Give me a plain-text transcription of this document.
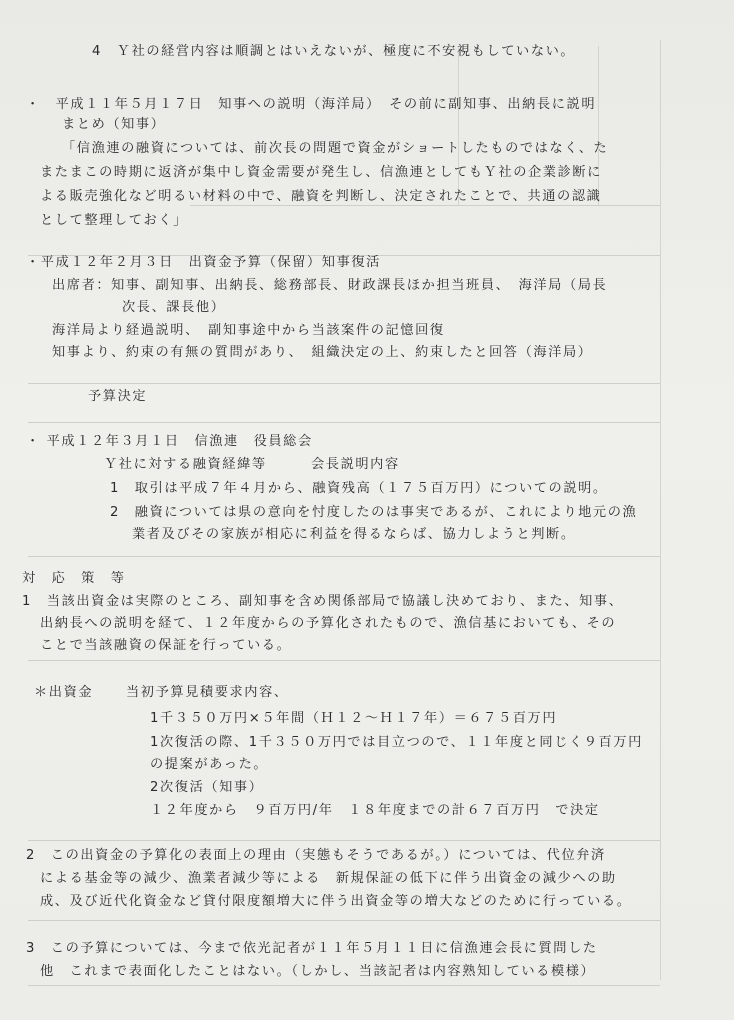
4　Ｙ社の経営内容は順調とはいえないが、極度に不安視もしていない。
・　平成１１年５月１７日　知事への説明（海洋局）　その前に副知事、出納長に説明
まとめ（知事）
「信漁連の融資については、前次長の問題で資金がショートしたものではなく、た
またまこの時期に返済が集中し資金需要が発生し、信漁連としてもＹ社の企業診断に
よる販売強化など明るい材料の中で、融資を判断し、決定されたことで、共通の認識
として整理しておく」
・平成１２年２月３日　出資金予算（保留）知事復活
出席者：知事、副知事、出納長、総務部長、財政課長ほか担当班員、　海洋局（局長
次長、課長他）
海洋局より経過説明、　副知事途中から当該案件の記憶回復
知事より、約束の有無の質問があり、　組織決定の上、約束したと回答（海洋局）
予算決定
・ 平成１２年３月１日　信漁連　役員総会
Ｙ社に対する融資経緯等　　　会長説明内容
1　取引は平成７年４月から、融資残高（１７５百万円）についての説明。
2　融資については県の意向を忖度したのは事実であるが、これにより地元の漁
業者及びその家族が相応に利益を得るならば、協力しようと判断。
対　応　策　等
1　当該出資金は実際のところ、副知事を含め関係部局で協議し決めており、また、知事、
出納長への説明を経て、１２年度からの予算化されたもので、漁信基においても、その
ことで当該融資の保証を行っている。
＊出資金 当初予算見積要求内容、
1千３５０万円×５年間（Ｈ１２～Ｈ１７年）＝６７５百万円
1次復活の際、1千３５０万円では目立つので、１１年度と同じく９百万円
の提案があった。
2次復活（知事）
１２年度から　９百万円/年　１８年度までの計６７百万円　で決定
2　この出資金の予算化の表面上の理由（実態もそうであるが。）については、代位弁済
による基金等の減少、漁業者減少等による　新規保証の低下に伴う出資金の減少への助
成、及び近代化資金など貸付限度額増大に伴う出資金等の増大などのために行っている。
3　この予算については、今まで依光記者が１１年５月１１日に信漁連会長に質問した
他　これまで表面化したことはない。（しかし、当該記者は内容熟知している模様）
